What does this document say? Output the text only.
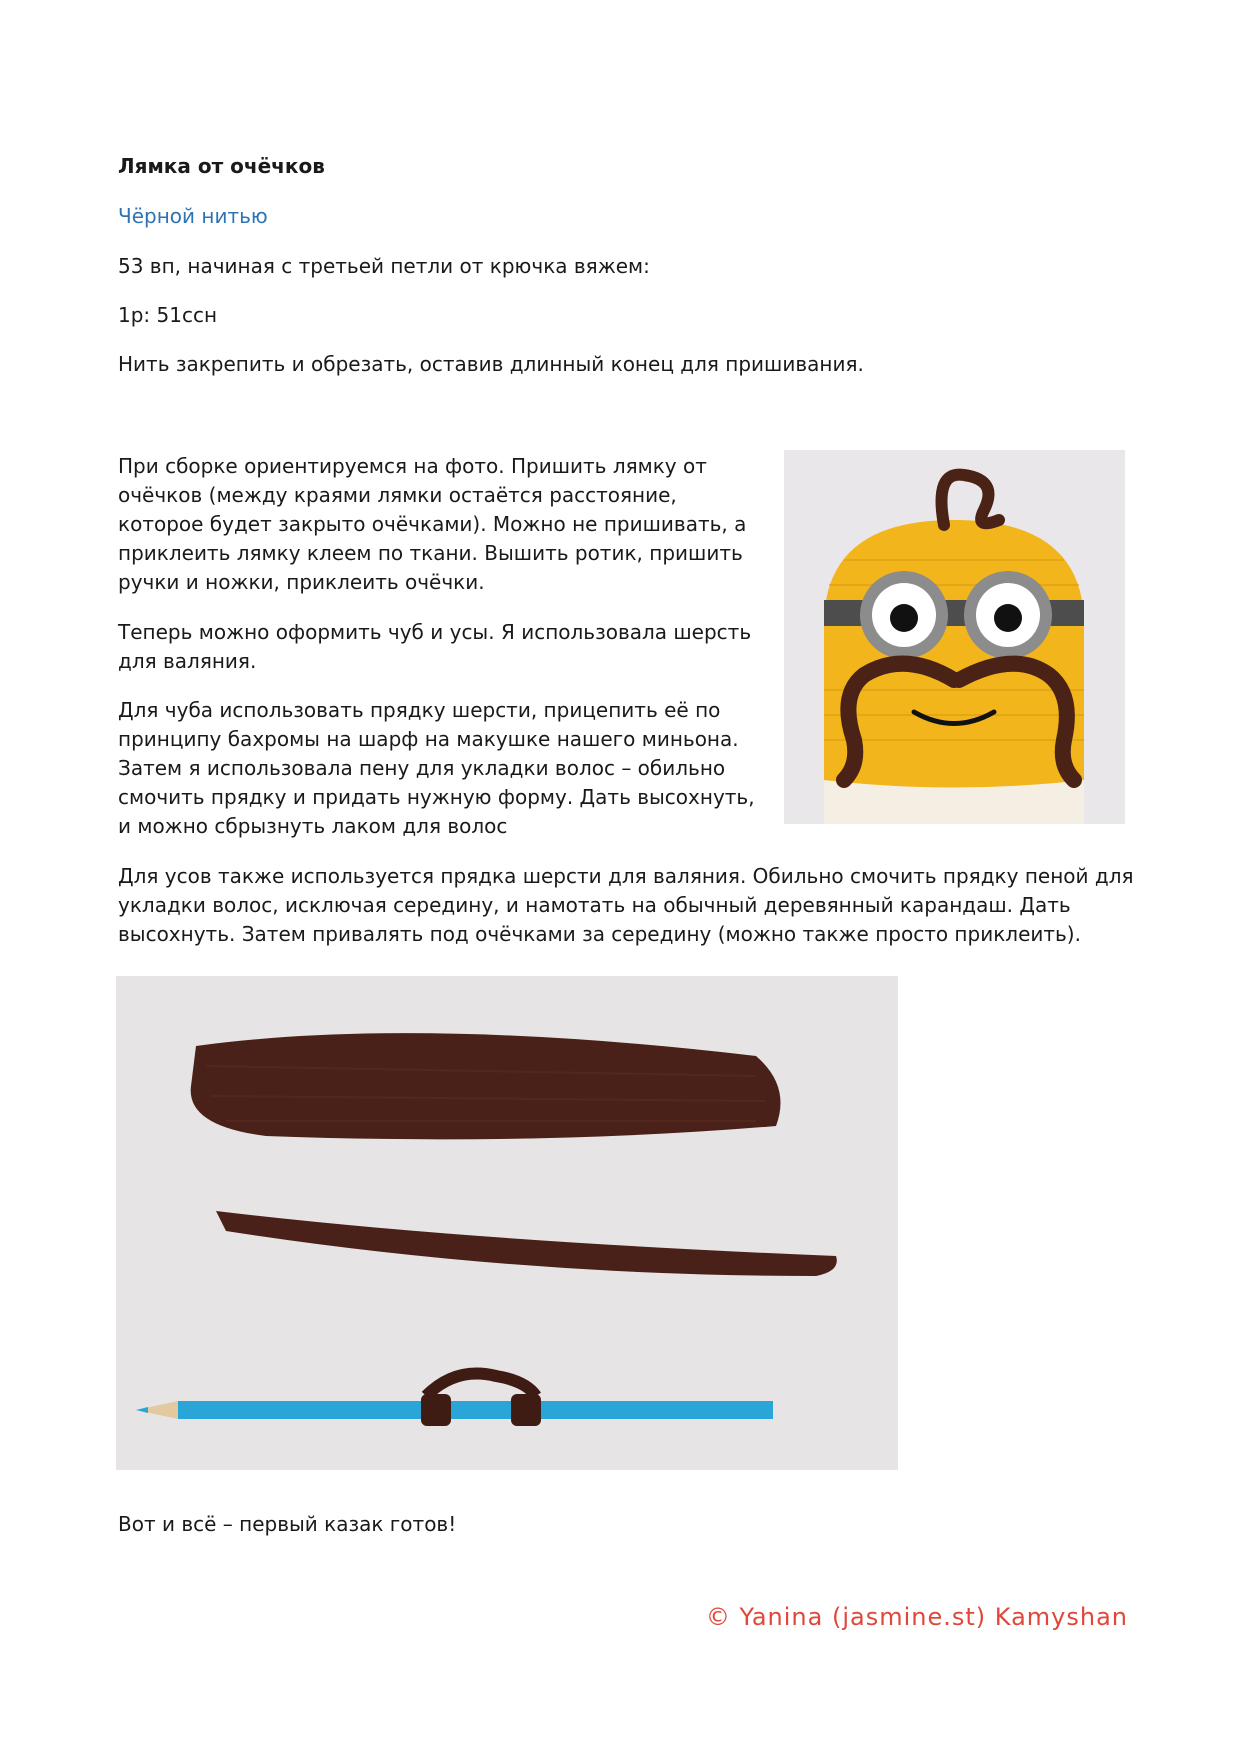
Лямка от очёчков

Чёрной нитью

53 вп, начиная с третьей петли от крючка вяжем:

1р: 51ссн

Нить закрепить и обрезать, оставив длинный конец для пришивания.

При сборке ориентируемся на фото. Пришить лямку от очёчков (между краями лямки остаётся расстояние, которое будет закрыто очёчками). Можно не пришивать, а приклеить лямку клеем по ткани. Вышить ротик, пришить ручки и ножки, приклеить очёчки.

Теперь можно оформить чуб и усы. Я использовала шерсть для валяния.

Для чуба использовать прядку шерсти, прицепить её по принципу бахромы на шарф на макушке нашего миньона. Затем я использовала пену для укладки волос – обильно смочить прядку и придать нужную форму. Дать высохнуть, и можно сбрызнуть лаком для волос

Для усов также используется прядка шерсти для валяния. Обильно смочить прядку пеной для укладки волос, исключая середину, и намотать на обычный деревянный карандаш. Дать высохнуть. Затем привалять под очёчками за середину (можно также просто приклеить).

Вот и всё – первый казак готов!

© Yanina (jasmine.st) Kamyshan
